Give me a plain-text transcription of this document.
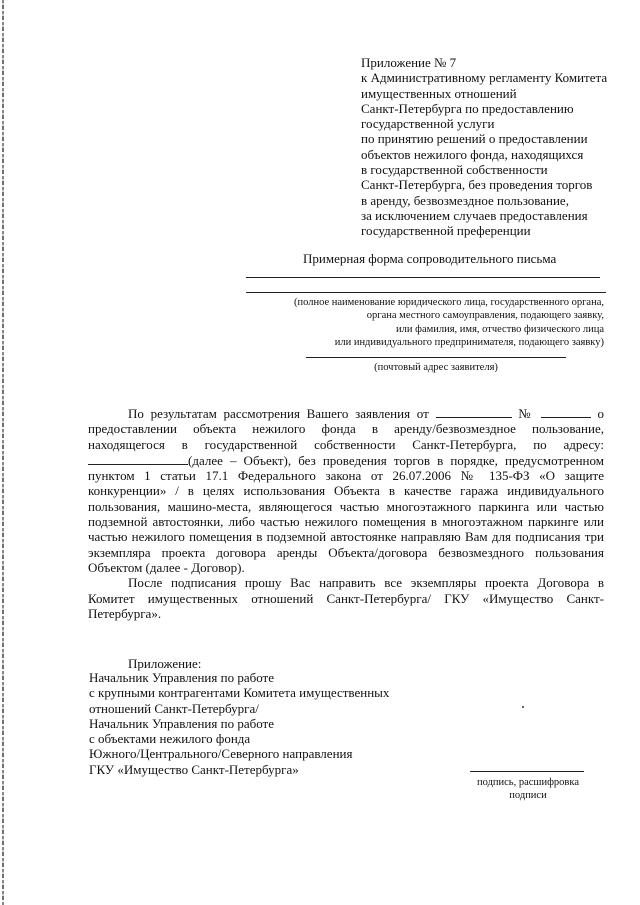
Приложение № 7
к Административному регламенту Комитета
имущественных отношений
Санкт-Петербурга по предоставлению
государственной услуги
по принятию решений о предоставлении
объектов нежилого фонда, находящихся
в государственной собственности
Санкт-Петербурга, без проведения торгов
в аренду, безвозмездное пользование,
за исключением случаев предоставления
государственной преференции
Примерная форма сопроводительного письма
(полное наименование юридического лица, государственного органа,
органа местного самоуправления, подающего заявку,
или фамилия, имя, отчество физического лица
или индивидуального предпринимателя, подающего заявку)
(почтовый адрес заявителя)

По результатам рассмотрения Вашего заявления от	№	о предоставлении объекта нежилого фонда в аренду/безвозмездное пользование, находящегося в государственной собственности Санкт-Петербурга, по адресу:(далее – Объект), без проведения торгов в порядке, предусмотренном пунктом 1 статьи 17.1 Федерального закона от 26.07.2006 № 135-ФЗ «О защите конкуренции» / в целях использования Объекта в качестве гаража индивидуального пользования, машино-места, являющегося частью многоэтажного паркинга или частью подземной автостоянки, либо частью нежилого помещения в многоэтажном паркинге или частью нежилого помещения в подземной автостоянке направляю Вам для подписания три экземпляра проекта договора аренды Объекта/договора безвозмездного пользования Объектом (далее - Договор).

После подписания прошу Вас направить все экземпляры проекта Договора в Комитет имущественных отношений Санкт-Петербурга/ ГКУ «Имущество Санкт-Петербурга».

Приложение:
Начальник Управления по работе
с крупными контрагентами Комитета имущественных
отношений Санкт-Петербурга/
Начальник Управления по работе
с объектами нежилого фонда
Южного/Центрального/Северного направления
ГКУ «Имущество Санкт-Петербурга»
подпись, расшифровка
подписи
